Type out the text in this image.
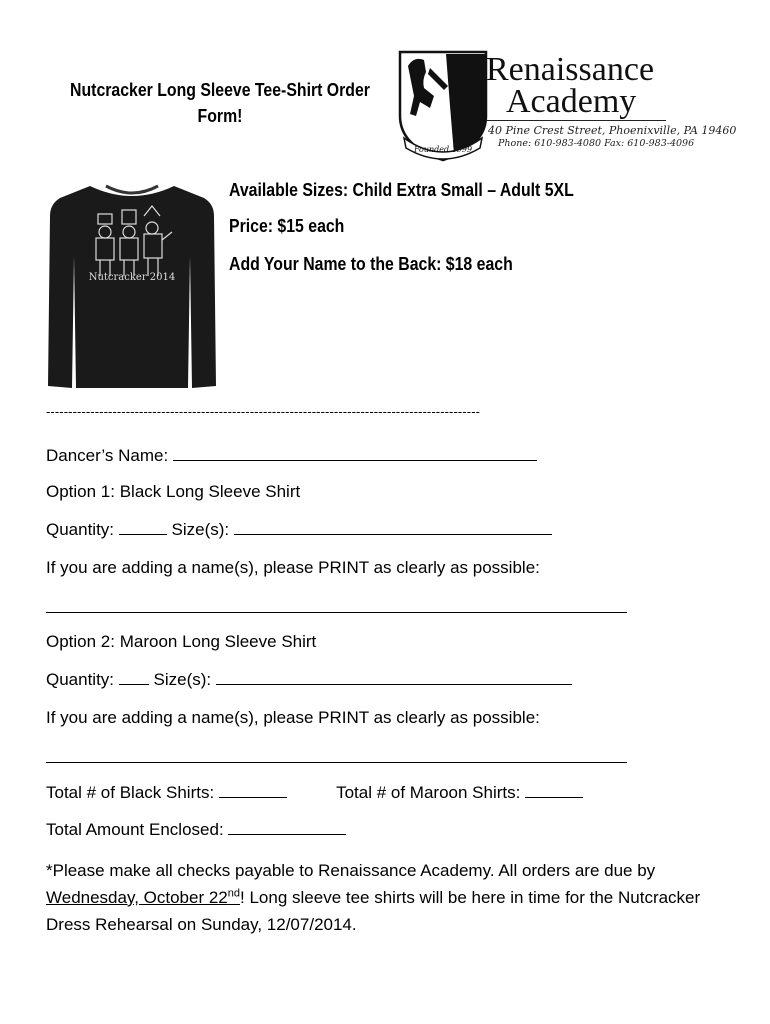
Nutcracker Long Sleeve Tee-Shirt Order Form!
Founded 1999
Renaissance
Academy
40 Pine Crest Street, Phoenixville, PA 19460
Phone: 610-983-4080 Fax: 610-983-4096
Nutcracker 2014
Available Sizes: Child Extra Small – Adult 5XL
Price: $15 each
Add Your Name to the Back: $18 each
--------------------------------------------------------------------------------------------------
Dancer’s Name:
Option 1: Black Long Sleeve Shirt
Quantity:	Size(s):
If you are adding a name(s), please PRINT as clearly as possible:
Option 2: Maroon Long Sleeve Shirt
Quantity: Size(s):
If you are adding a name(s), please PRINT as clearly as possible:
Total # of Black Shirts:	Total # of Maroon Shirts:
Total Amount Enclosed:
*Please make all checks payable to Renaissance Academy. All orders are due by Wednesday, October 22nd! Long sleeve tee shirts will be here in time for the Nutcracker Dress Rehearsal on Sunday, 12/07/2014.
